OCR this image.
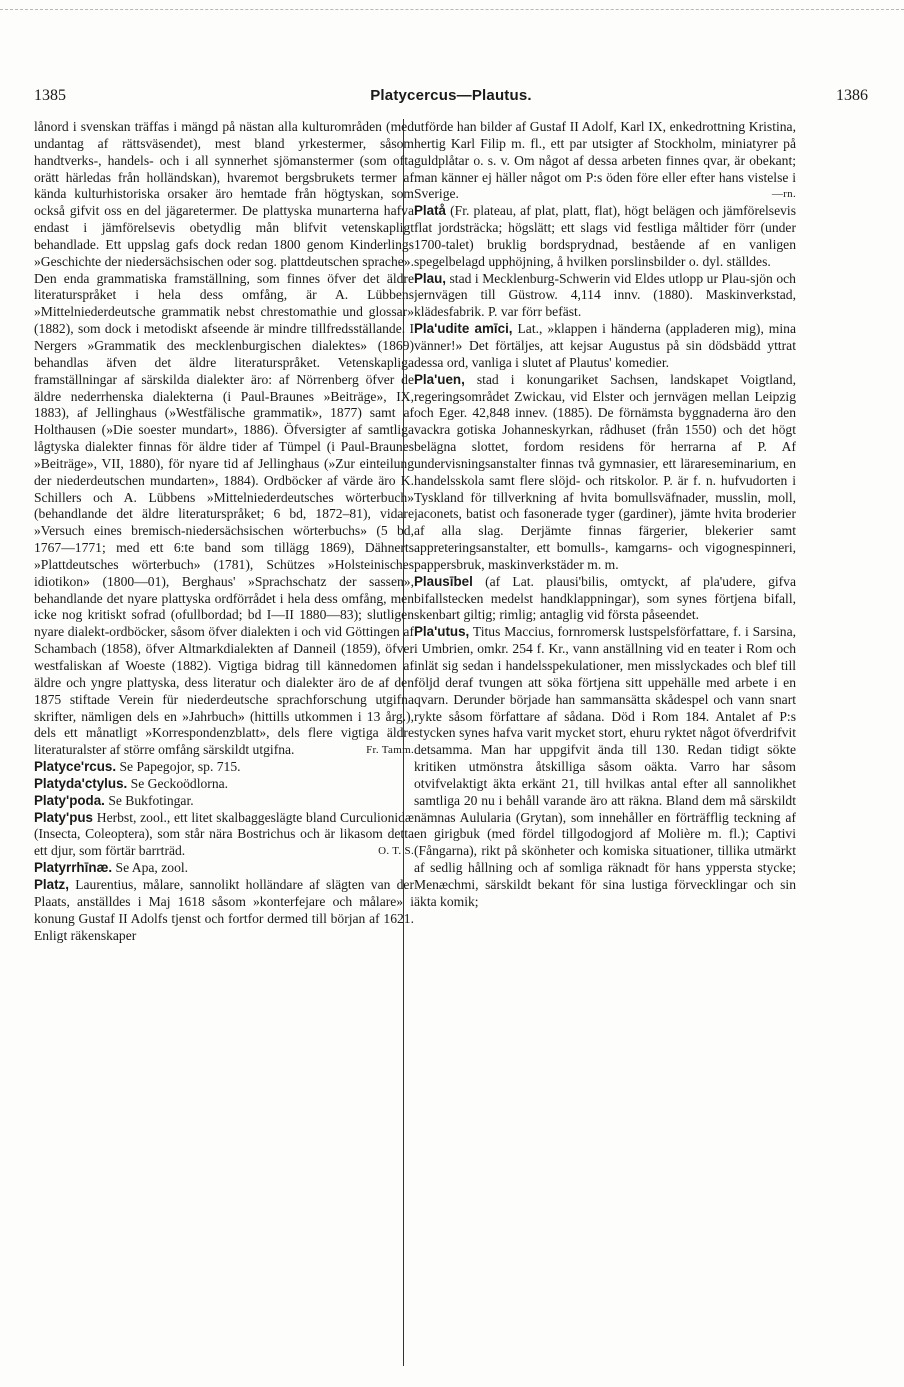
1385	Platycercus—Plautus.	1386

lånord i svenskan träffas i mängd på nästan alla kulturområden (med undantag af rättsväsendet), mest bland yrkestermer, såsom handtverks-, handels- och i all synnerhet sjömanstermer (som ofta orätt härledas från holländskan), hvaremot bergsbrukets termer af kända kulturhistoriska orsaker äro hemtade från högtyskan, som också gifvit oss en del jägaretermer. De plattyska munarterna hafva endast i jämförelsevis obetydlig mån blifvit vetenskapligt behandlade. Ett uppslag gafs dock redan 1800 genom Kinderlings »Geschichte der niedersächsischen oder sog. plattdeutschen sprache». Den enda grammatiska framställning, som finnes öfver det äldre literaturspråket i hela dess omfång, är A. Lübbens »Mittelniederdeutsche grammatik nebst chrestomathie und glossar» (1882), som dock i metodiskt afseende är mindre tillfredsställande. I Nergers »Grammatik des mecklenburgischen dialektes» (1869) behandlas äfven det äldre literaturspråket. Vetenskapliga framställningar af särskilda dialekter äro: af Nörrenberg öfver de äldre nederrhenska dialekterna (i Paul-Braunes »Beiträge», IX, 1883), af Jellinghaus (»Westfälische grammatik», 1877) samt af Holthausen (»Die soester mundart», 1886). Öfversigter af samtliga lågtyska dialekter finnas för äldre tider af Tümpel (i Paul-Braunes »Beiträge», VII, 1880), för nyare tid af Jellinghaus (»Zur einteilung der niederdeutschen mundarten», 1884). Ordböcker af värde äro K. Schillers och A. Lübbens »Mittelniederdeutsches wörterbuch» (behandlande det äldre literaturspråket; 6 bd, 1872–81), vidare »Versuch eines bremisch-niedersächsischen wörterbuchs» (5 bd, 1767—1771; med ett 6:te band som tillägg 1869), Dähnerts »Plattdeutsches wörterbuch» (1781), Schützes »Holsteinisches idiotikon» (1800—01), Berghaus' »Sprachschatz der sassen», behandlande det nyare plattyska ordförrådet i hela dess omfång, men icke nog kritiskt sofrad (ofullbordad; bd I—II 1880—83); slutligen nyare dialekt-ordböcker, såsom öfver dialekten i och vid Göttingen af Schambach (1858), öfver Altmarkdialekten af Danneil (1859), öfver westfaliskan af Woeste (1882). Vigtiga bidrag till kännedomen af äldre och yngre plattyska, dess literatur och dialekter äro de af den 1875 stiftade Verein für niederdeutsche sprachforschung utgifna skrifter, nämligen dels en »Jahrbuch» (hittills utkommen i 13 årg.), dels ett månatligt »Korrespondenzblatt», dels flere vigtiga äldre literaturalster af större omfång särskildt utgifna.	Fr. Tamm.

Platyce'rcus. Se Papegojor, sp. 715.

Platyda'ctylus. Se Geckoödlorna.

Platy'poda. Se Bukfotingar.

Platy'pus Herbst, zool., ett litet skalbaggeslägte bland Curculionidæ (Insecta, Coleoptera), som står nära Bostrichus och är likasom detta ett djur, som förtär barrträd.	O. T. S.

Platyrrhīnæ. Se Apa, zool.

Platz, Laurentius, målare, sannolikt holländare af slägten van der Plaats, anställdes i Maj 1618 såsom »konterfejare och målare» i konung Gustaf II Adolfs tjenst och fortfor dermed till början af 1621. Enligt räkenskaper

utförde han bilder af Gustaf II Adolf, Karl IX, enkedrottning Kristina, hertig Karl Filip m. fl., ett par utsigter af Stockholm, miniatyrer på guldplåtar o. s. v. Om något af dessa arbeten finnes qvar, är obekant; man känner ej häller något om P:s öden före eller efter hans vistelse i Sverige.	—rn.

Platå (Fr. plateau, af plat, platt, flat), högt belägen och jämförelsevis flat jordsträcka; högslätt; ett slags vid festliga måltider förr (under 1700-talet) bruklig bordsprydnad, bestående af en vanligen spegelbelagd upphöjning, å hvilken porslinsbilder o. dyl. ställdes.

Plau, stad i Mecklenburg-Schwerin vid Eldes utlopp ur Plau-sjön och jernvägen till Güstrow. 4,114 innv. (1880). Maskinverkstad, klädesfabrik. P. var förr befäst.

Pla'udite amīci, Lat., »klappen i händerna (appladeren mig), mina vänner!» Det förtäljes, att kejsar Augustus på sin dödsbädd yttrat dessa ord, vanliga i slutet af Plautus' komedier.

Pla'uen, stad i konungariket Sachsen, landskapet Voigtland, regeringsområdet Zwickau, vid Elster och jernvägen mellan Leipzig och Eger. 42,848 innev. (1885). De förnämsta byggnaderna äro den vackra gotiska Johanneskyrkan, rådhuset (från 1550) och det högt belägna slottet, fordom residens för herrarna af P. Af undervisningsanstalter finnas två gymnasier, ett lärareseminarium, en handelsskola samt flere slöjd- och ritskolor. P. är f. n. hufvudorten i Tyskland för tillverkning af hvita bomullsväfnader, musslin, moll, jaconets, batist och fasonerade tyger (gardiner), jämte hvita broderier af alla slag. Derjämte finnas färgerier, blekerier samt appreteringsanstalter, ett bomulls-, kamgarns- och vigognespinneri, pappersbruk, maskinverkstäder m. m.

Plausībel (af Lat. plausi'bilis, omtyckt, af pla'udere, gifva bifallstecken medelst handklappningar), som synes förtjena bifall, skenbart giltig; rimlig; antaglig vid första påseendet.

Pla'utus, Titus Maccius, fornromersk lustspelsförfattare, f. i Sarsina, i Umbrien, omkr. 254 f. Kr., vann anställning vid en teater i Rom och inlät sig sedan i handelsspekulationer, men misslyckades och blef till följd deraf tvungen att söka förtjena sitt uppehälle med arbete i en qvarn. Derunder började han sammansätta skådespel och vann snart rykte såsom författare af sådana. Död i Rom 184. Antalet af P:s stycken synes hafva varit mycket stort, ehuru ryktet något öfverdrifvit detsamma. Man har uppgifvit ända till 130. Redan tidigt sökte kritiken utmönstra åtskilliga såsom oäkta. Varro har såsom otvifvelaktigt äkta erkänt 21, till hvilkas antal efter all sannolikhet samtliga 20 nu i behåll varande äro att räkna. Bland dem må särskildt nämnas Aulularia (Grytan), som innehåller en förträfflig teckning af en girigbuk (med fördel tillgodogjord af Molière m. fl.); Captivi (Fångarna), rikt på skönheter och komiska situationer, tillika utmärkt af sedlig hållning och af somliga räknadt för hans yppersta stycke; Menæchmi, särskildt bekant för sina lustiga förvecklingar och sin äkta komik;
